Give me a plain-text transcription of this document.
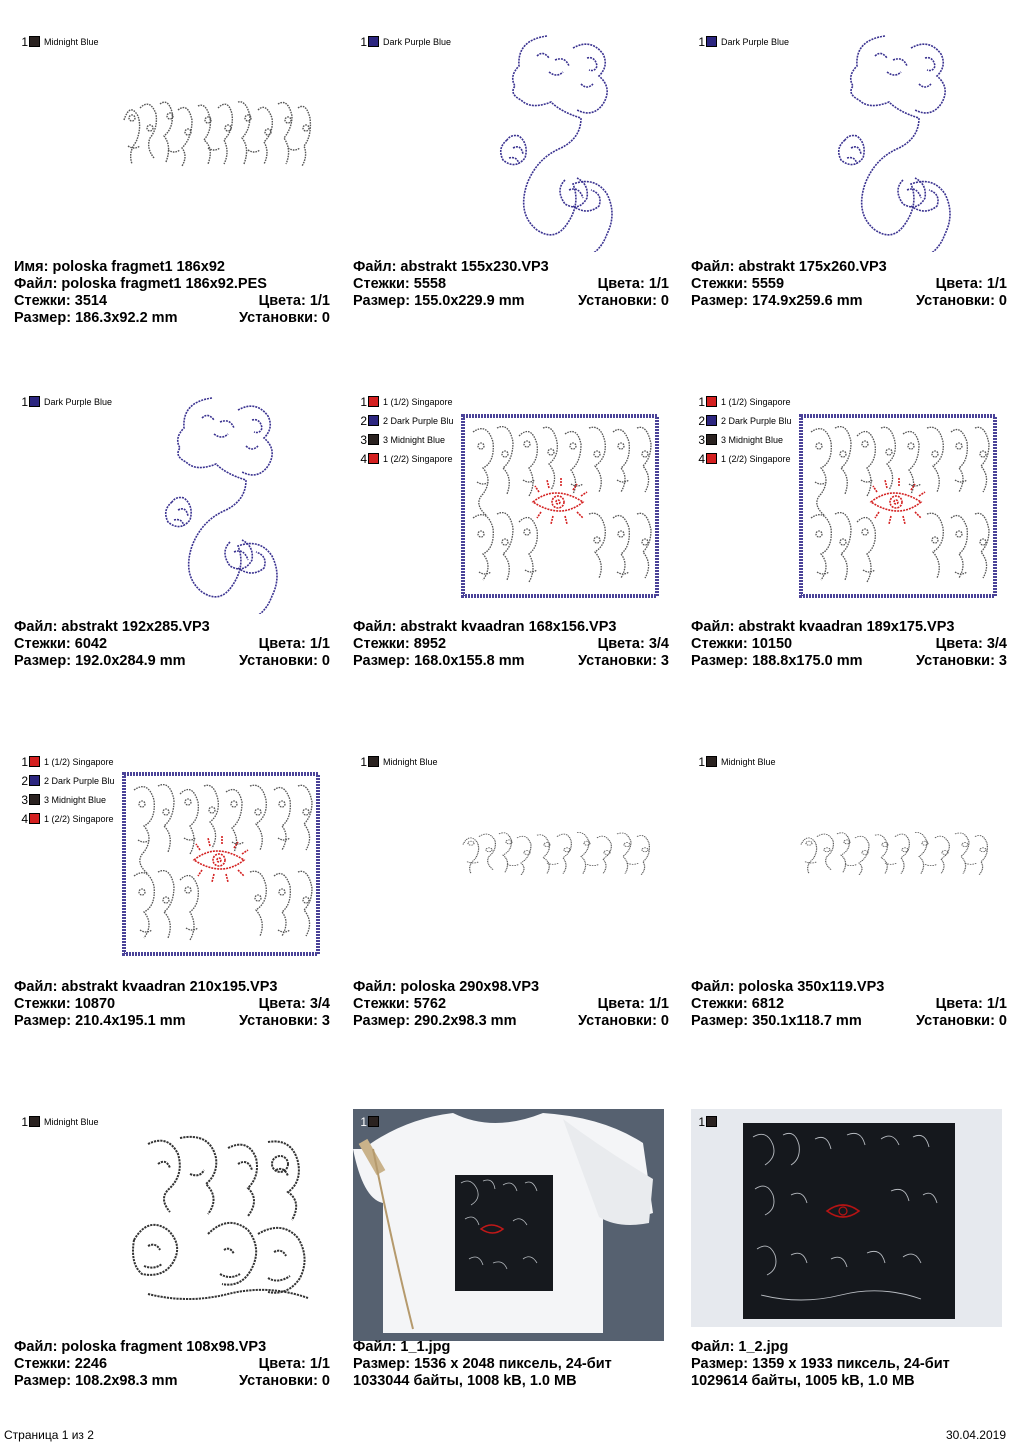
1 Midnight Blue
Имя: poloska fragmet1 186x92
Файл: poloska fragmet1 186x92.PES
Стежки: 3514	Цвета: 1/1
Размер: 186.3x92.2 mm	Установки: 0
1 Dark Purple Blue
Файл: abstrakt 155x230.VP3
Стежки: 5558	Цвета: 1/1
Размер: 155.0x229.9 mm	Установки: 0
1 Dark Purple Blue
Файл: abstrakt 175x260.VP3
Стежки: 5559	Цвета: 1/1
Размер: 174.9x259.6 mm	Установки: 0
1 Dark Purple Blue
Файл: abstrakt 192x285.VP3
Стежки: 6042	Цвета: 1/1
Размер: 192.0x284.9 mm	Установки: 0
1 1 (1/2) Singapore
2 2 Dark Purple Blu
3 3 Midnight Blue
4 1 (2/2) Singapore
Файл: abstrakt kvaadran 168x156.VP3
Стежки: 8952	Цвета: 3/4
Размер: 168.0x155.8 mm	Установки: 3
1 1 (1/2) Singapore
2 2 Dark Purple Blu
3 3 Midnight Blue
4 1 (2/2) Singapore
Файл: abstrakt kvaadran 189x175.VP3
Стежки: 10150	Цвета: 3/4
Размер: 188.8x175.0 mm	Установки: 3
1 1 (1/2) Singapore
2 2 Dark Purple Blu
3 3 Midnight Blue
4 1 (2/2) Singapore
Файл: abstrakt kvaadran 210x195.VP3
Стежки: 10870	Цвета: 3/4
Размер: 210.4x195.1 mm	Установки: 3
1 Midnight Blue
Файл: poloska 290x98.VP3
Стежки: 5762	Цвета: 1/1
Размер: 290.2x98.3 mm	Установки: 0
1 Midnight Blue
Файл: poloska 350x119.VP3
Стежки: 6812	Цвета: 1/1
Размер: 350.1x118.7 mm	Установки: 0
1 Midnight Blue
Файл: poloska fragment 108x98.VP3
Стежки: 2246	Цвета: 1/1
Размер: 108.2x98.3 mm	Установки: 0
1
Файл: 1_1.jpg
Размер: 1536 x 2048 пиксель, 24-бит
1033044 байты, 1008 kB, 1.0 MB
1
Файл: 1_2.jpg
Размер: 1359 x 1933 пиксель, 24-бит
1029614 байты, 1005 kB, 1.0 MB
Страница 1 из 2	30.04.2019
